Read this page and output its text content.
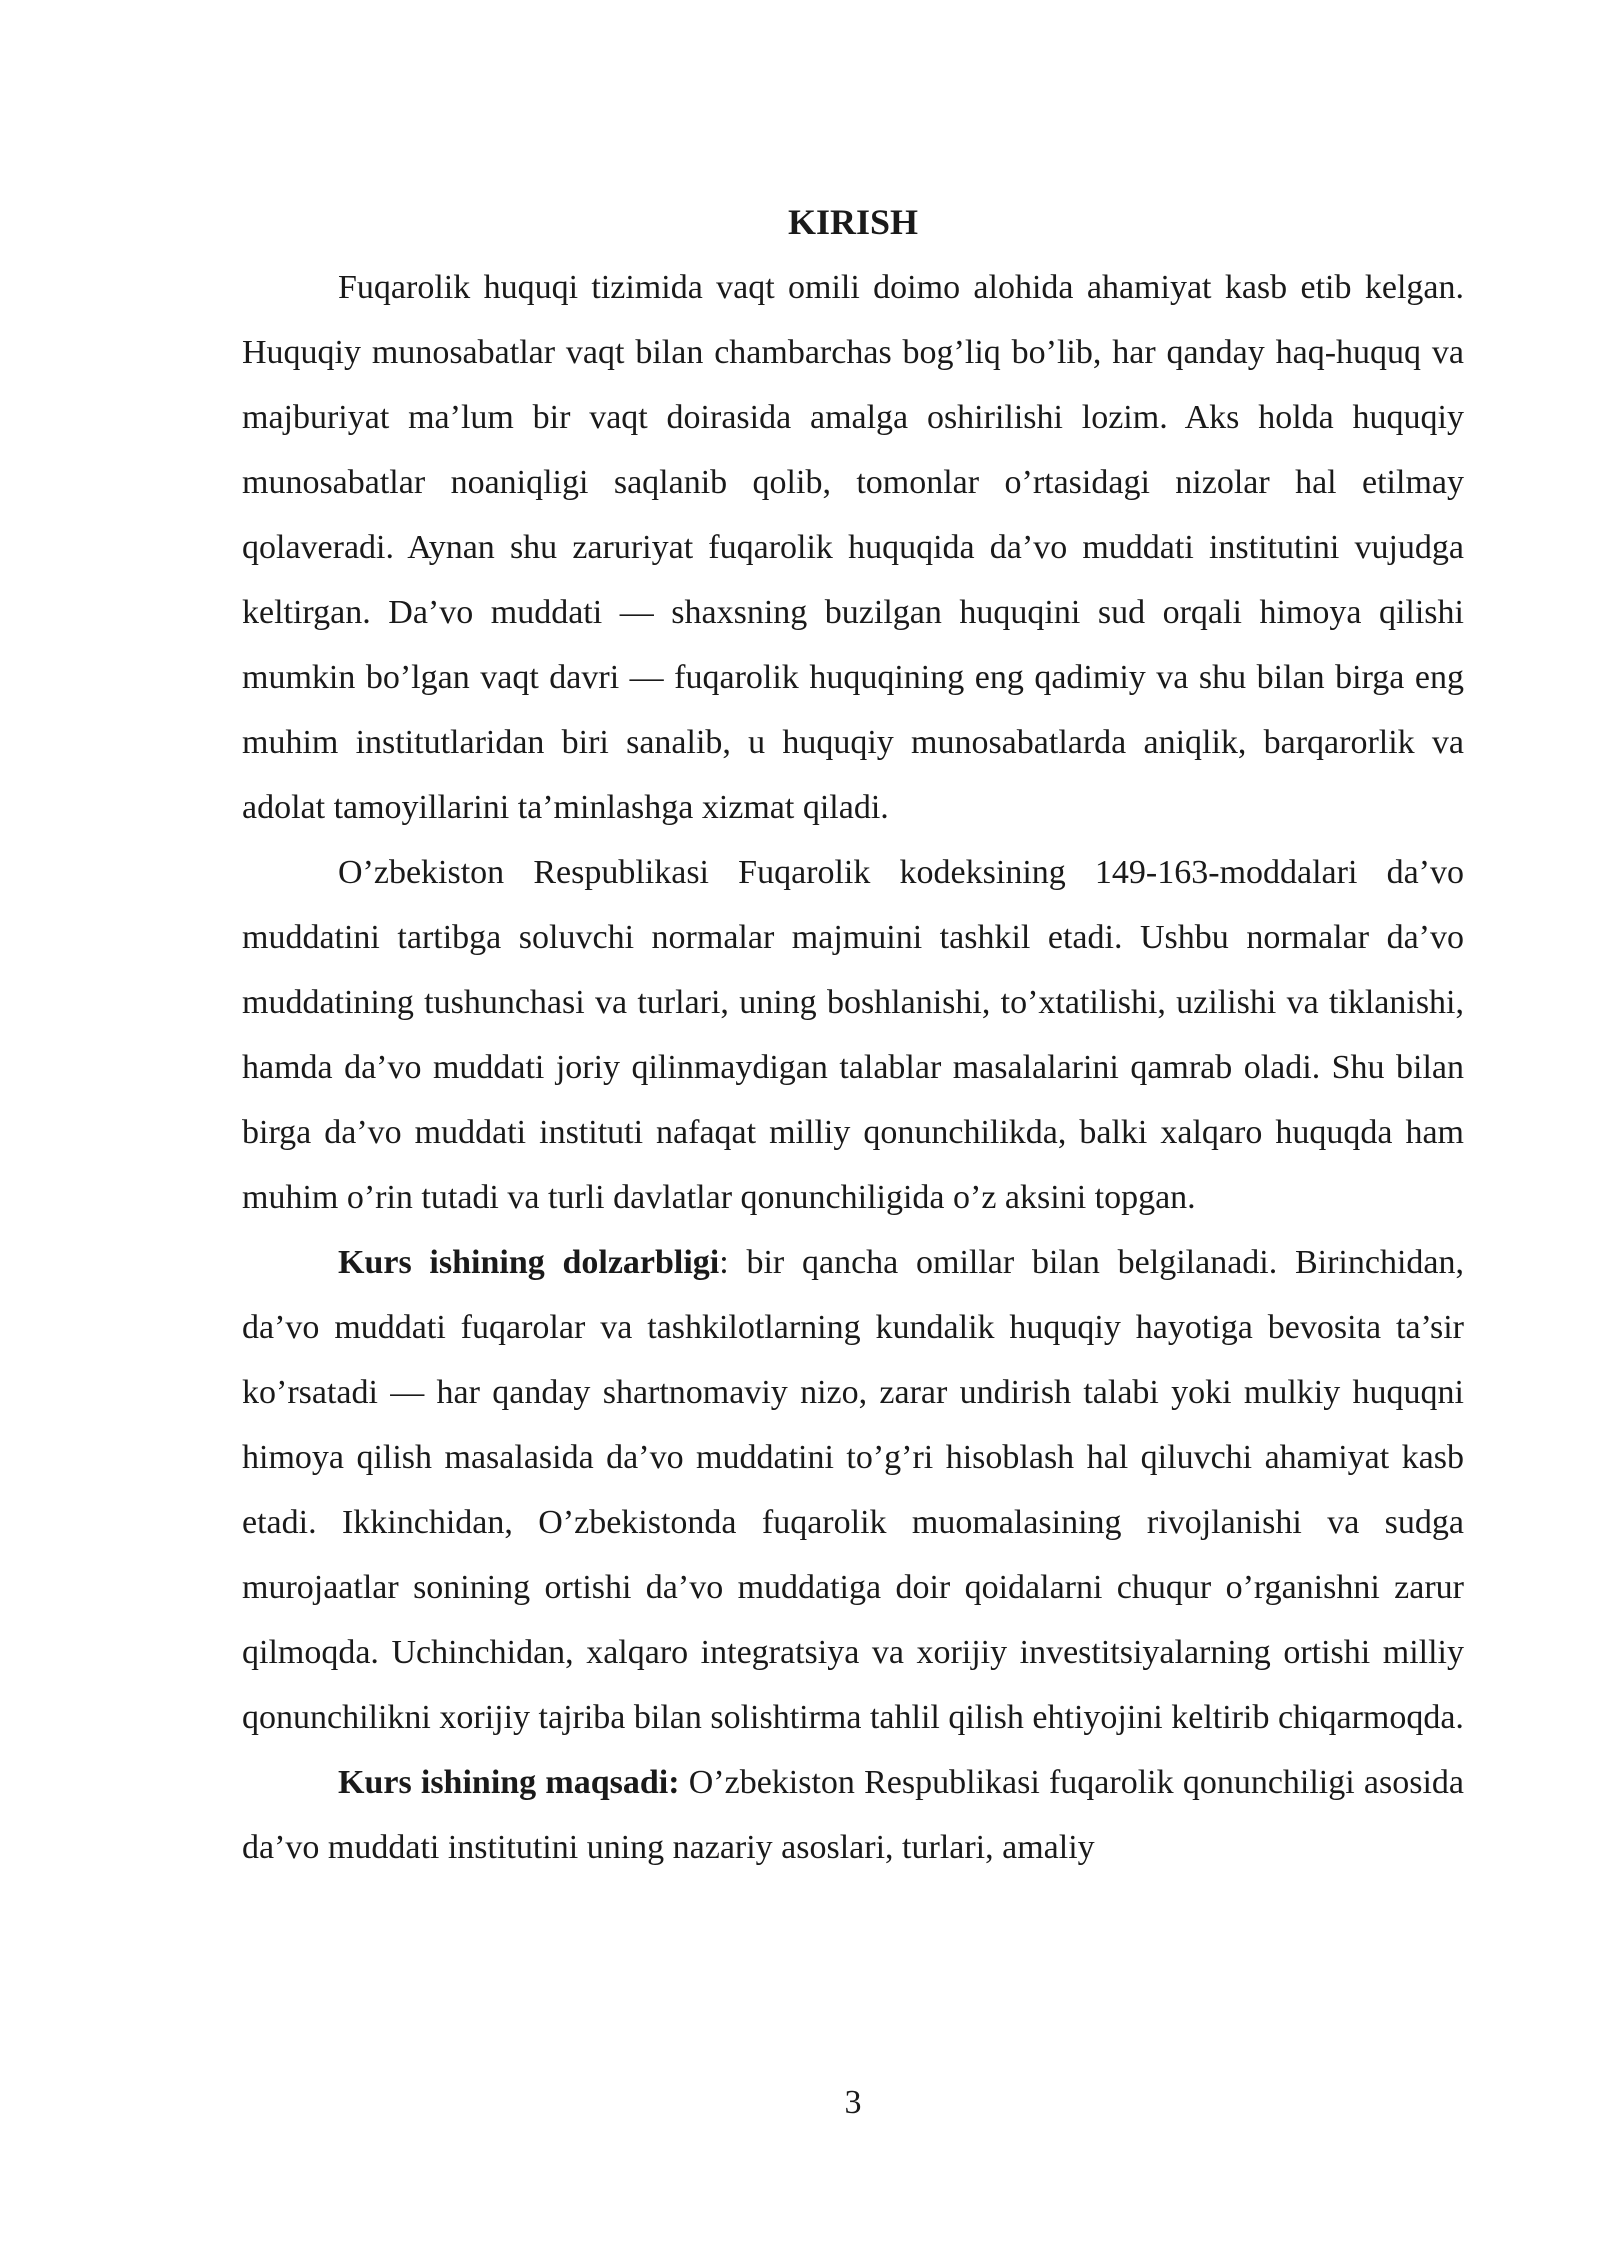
KIRISH

Fuqarolik huquqi tizimida vaqt omili doimo alohida ahamiyat kasb etib kelgan. Huquqiy munosabatlar vaqt bilan chambarchas bog’liq bo’lib, har qanday haq-huquq va majburiyat ma’lum bir vaqt doirasida amalga oshirilishi lozim. Aks holda huquqiy munosabatlar noaniqligi saqlanib qolib, tomonlar o’rtasidagi nizolar hal etilmay qolaveradi. Aynan shu zaruriyat fuqarolik huquqida da’vo muddati institutini vujudga keltirgan. Da’vo muddati — shaxsning buzilgan huquqini sud orqali himoya qilishi mumkin bo’lgan vaqt davri — fuqarolik huquqining eng qadimiy va shu bilan birga eng muhim institutlaridan biri sanalib, u huquqiy munosabatlarda aniqlik, barqarorlik va adolat tamoyillarini ta’minlashga xizmat qiladi.

O’zbekiston Respublikasi Fuqarolik kodeksining 149-163-moddalari da’vo muddatini tartibga soluvchi normalar majmuini tashkil etadi. Ushbu normalar da’vo muddatining tushunchasi va turlari, uning boshlanishi, to’xtatilishi, uzilishi va tiklanishi, hamda da’vo muddati joriy qilinmaydigan talablar masalalarini qamrab oladi. Shu bilan birga da’vo muddati instituti nafaqat milliy qonunchilikda, balki xalqaro huquqda ham muhim o’rin tutadi va turli davlatlar qonunchiligida o’z aksini topgan.

Kurs ishining dolzarbligi: bir qancha omillar bilan belgilanadi. Birinchidan, da’vo muddati fuqarolar va tashkilotlarning kundalik huquqiy hayotiga bevosita ta’sir ko’rsatadi — har qanday shartnomaviy nizo, zarar undirish talabi yoki mulkiy huquqni himoya qilish masalasida da’vo muddatini to’g’ri hisoblash hal qiluvchi ahamiyat kasb etadi. Ikkinchidan, O’zbekistonda fuqarolik muomalasining rivojlanishi va sudga murojaatlar sonining ortishi da’vo muddatiga doir qoidalarni chuqur o’rganishni zarur qilmoqda. Uchinchidan, xalqaro integratsiya va xorijiy investitsiyalarning ortishi milliy qonunchilikni xorijiy tajriba bilan solishtirma tahlil qilish ehtiyojini keltirib chiqarmoqda.

Kurs ishining maqsadi: O’zbekiston Respublikasi fuqarolik qonunchiligi asosida da’vo muddati institutini uning nazariy asoslari, turlari, amaliy

3
